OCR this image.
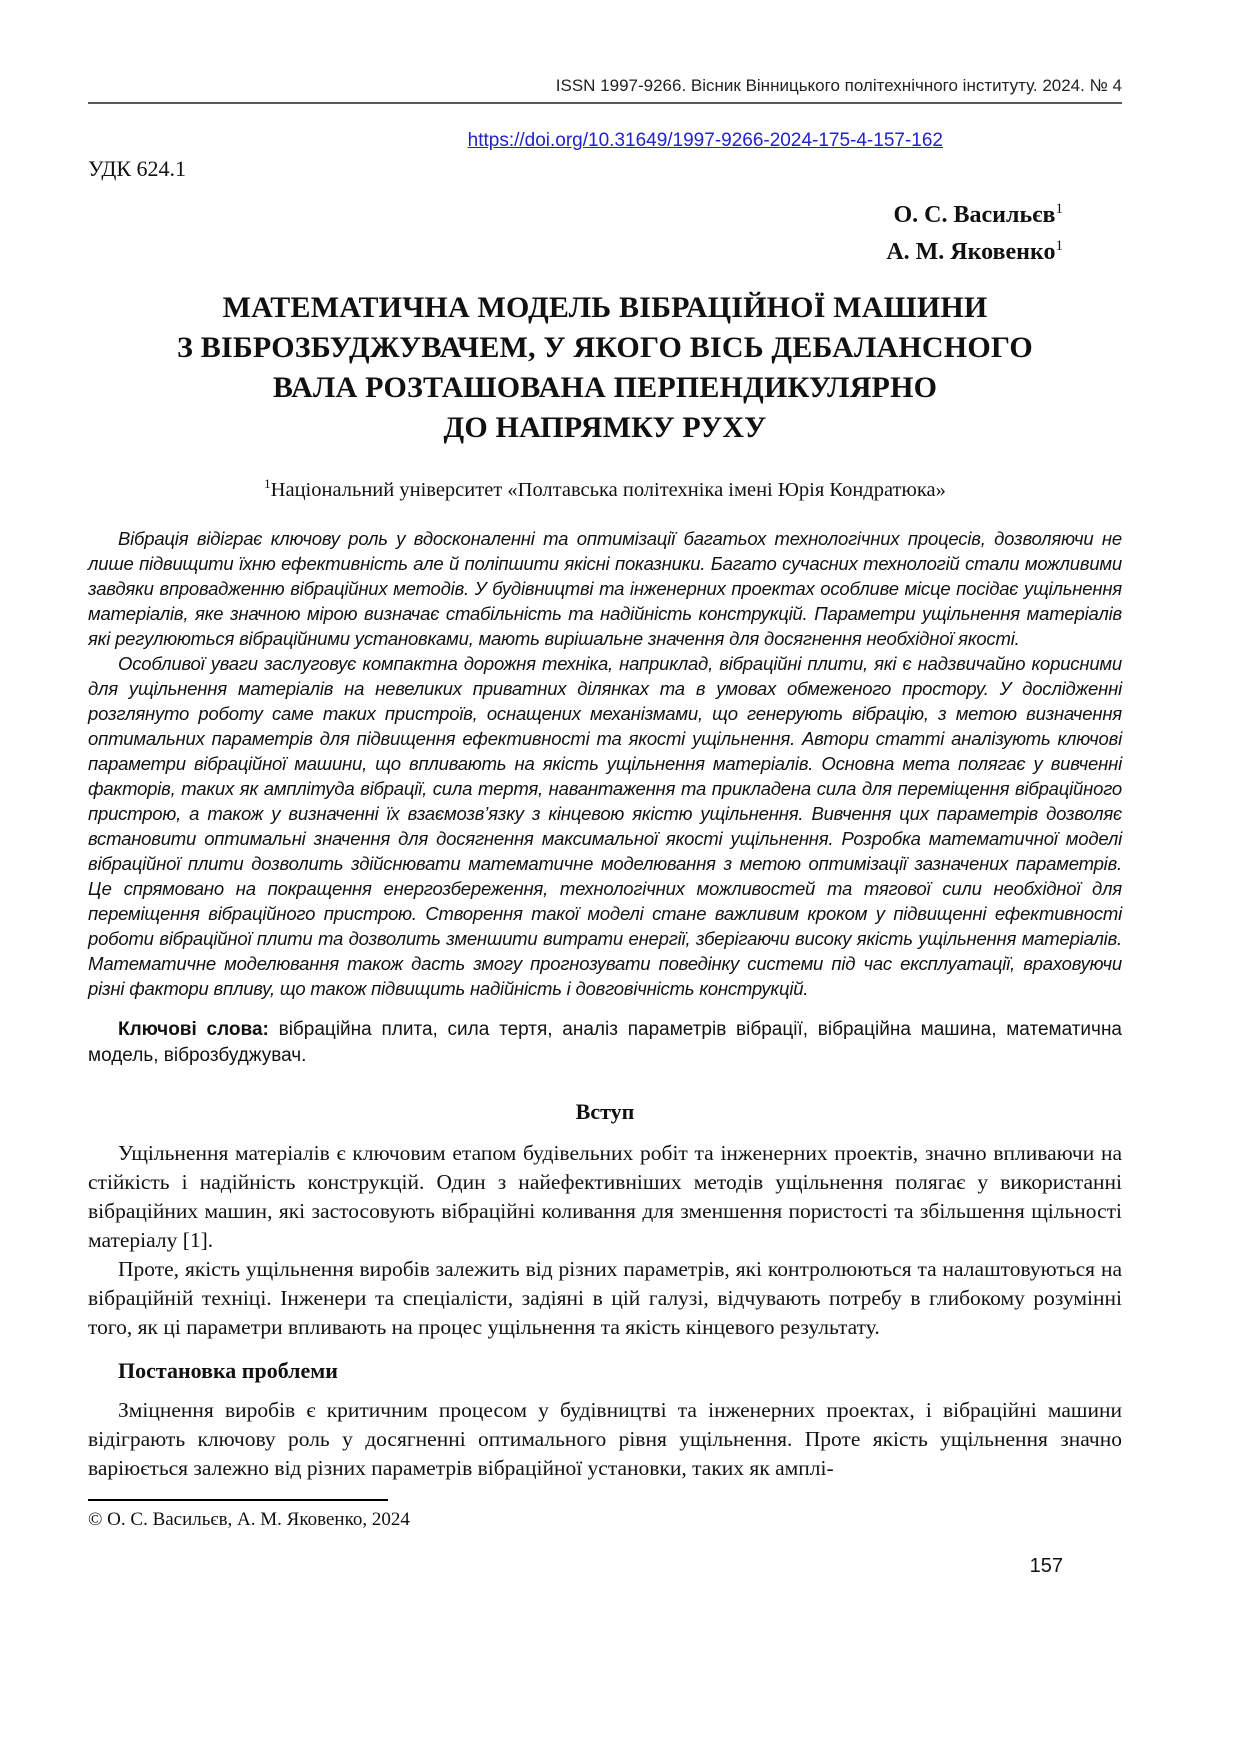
ISSN 1997-9266. Вісник Вінницького політехнічного інституту. 2024. № 4
https://doi.org/10.31649/1997-9266-2024-175-4-157-162
УДК 624.1
О. С. Васильєв$^1$
А. М. Яковенко$^1$
МАТЕМАТИЧНА МОДЕЛЬ ВІБРАЦІЙНОЇ МАШИНИ
З ВІБРОЗБУДЖУВАЧЕМ, У ЯКОГО ВІСЬ ДЕБАЛАНСНОГО
ВАЛА РОЗТАШОВАНА ПЕРПЕНДИКУЛЯРНО
ДО НАПРЯМКУ РУХУ
$^1$Національний університет «Полтавська політехніка імені Юрія Кондратюка»

Вібрація відіграє ключову роль у вдосконаленні та оптимізації багатьох технологічних процесів, дозволяючи не лише підвищити їхню ефективність але й поліпшити якісні показники. Багато сучасних технологій стали можливими завдяки впровадженню вібраційних методів. У будівництві та інженерних проектах особливе місце посідає ущільнення матеріалів, яке значною мірою визначає стабільність та надійність конструкцій. Параметри ущільнення матеріалів які регулюються вібраційними установками, мають вирішальне значення для досягнення необхідної якості.

Особливої уваги заслуговує компактна дорожня техніка, наприклад, вібраційні плити, які є надзвичайно корисними для ущільнення матеріалів на невеликих приватних ділянках та в умовах обмеженого простору. У дослідженні розглянуто роботу саме таких пристроїв, оснащених механізмами, що генерують вібрацію, з метою визначення оптимальних параметрів для підвищення ефективності та якості ущільнення. Автори статті аналізують ключові параметри вібраційної машини, що впливають на якість ущільнення матеріалів. Основна мета полягає у вивченні факторів, таких як амплітуда вібрації, сила тертя, навантаження та прикладена сила для переміщення вібраційного пристрою, а також у визначенні їх взаємозв’язку з кінцевою якістю ущільнення. Вивчення цих параметрів дозволяє встановити оптимальні значення для досягнення максимальної якості ущільнення. Розробка математичної моделі вібраційної плити дозволить здійснювати математичне моделювання з метою оптимізації зазначених параметрів. Це спрямовано на покращення енергозбереження, технологічних можливостей та тягової сили необхідної для переміщення вібраційного пристрою. Створення такої моделі стане важливим кроком у підвищенні ефективності роботи вібраційної плити та дозволить зменшити витрати енергії, зберігаючи високу якість ущільнення матеріалів. Математичне моделювання також дасть змогу прогнозувати поведінку системи під час експлуатації, враховуючи різні фактори впливу, що також підвищить надійність і довговічність конструкцій.

Ключові слова: вібраційна плита, сила тертя, аналіз параметрів вібрації, вібраційна машина, математична модель, віброзбуджувач.
Вступ

Ущільнення матеріалів є ключовим етапом будівельних робіт та інженерних проектів, значно впливаючи на стійкість і надійність конструкцій. Один з найефективніших методів ущільнення полягає у використанні вібраційних машин, які застосовують вібраційні коливання для зменшення пористості та збільшення щільності матеріалу [1].

Проте, якість ущільнення виробів залежить від різних параметрів, які контролюються та налаштовуються на вібраційній техніці. Інженери та спеціалісти, задіяні в цій галузі, відчувають потребу в глибокому розумінні того, як ці параметри впливають на процес ущільнення та якість кінцевого результату.

Постановка проблеми

Зміцнення виробів є критичним процесом у будівництві та інженерних проектах, і вібраційні машини відіграють ключову роль у досягненні оптимального рівня ущільнення. Проте якість ущільнення значно варіюється залежно від різних параметрів вібраційної установки, таких як амплі-

© О. С. Васильєв, А. М. Яковенко, 2024
157
